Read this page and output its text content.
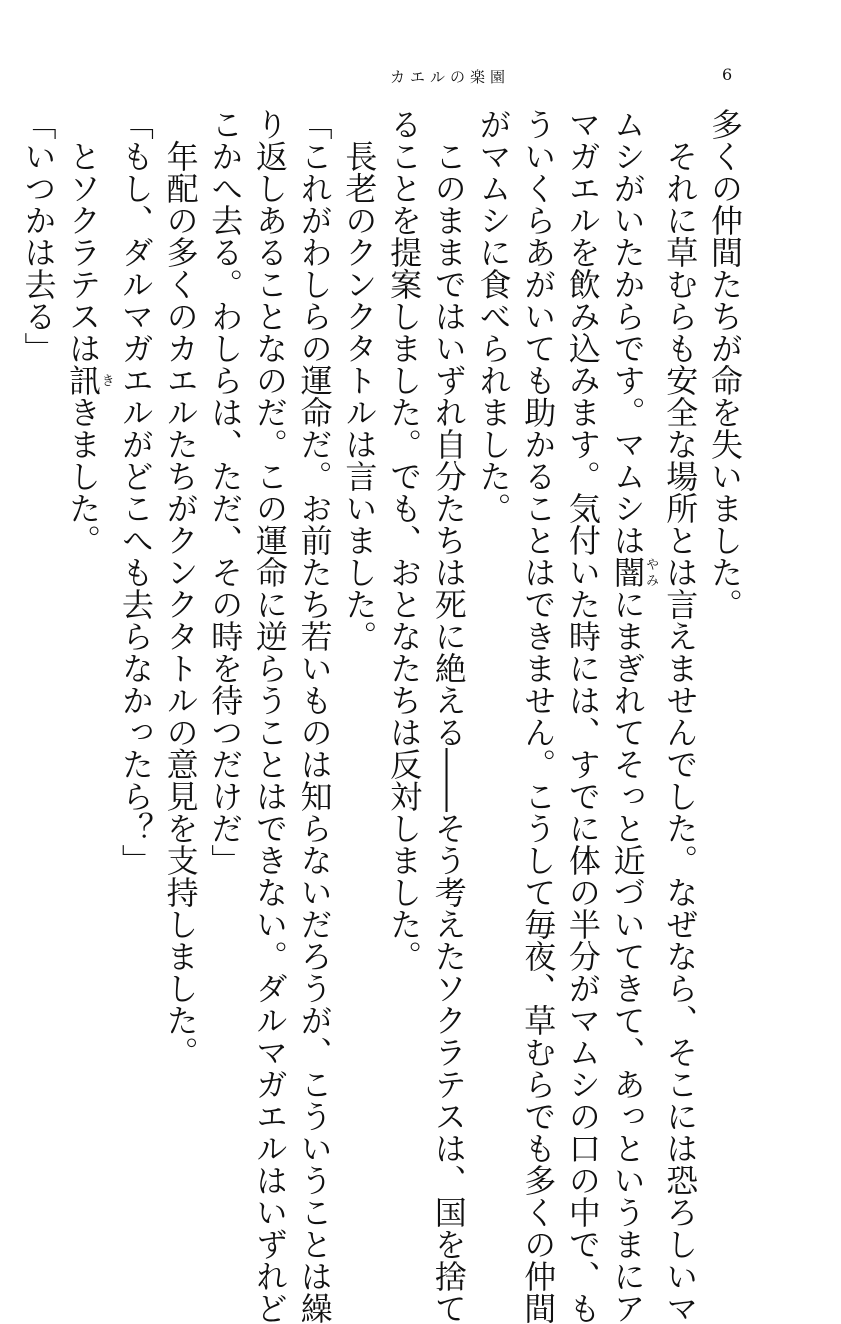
カエルの楽園	6
多くの仲間たちが命を失いました。
　それに草むらも安全な場所とは言えませんでした。なぜなら、そこには恐ろしいマ
ムシがいたからです。マムシは闇やみにまぎれてそっと近づいてきて、あっというまにア
マガエルを飲み込みます。気付いた時には、すでに体の半分がマムシの口の中で、も
ういくらあがいても助かることはできません。こうして毎夜、草むらでも多くの仲間
がマムシに食べられました。
　このままではいずれ自分たちは死に絶える――そう考えたソクラテスは、国を捨て
ることを提案しました。でも、おとなたちは反対しました。
　長老のクンクタトルは言いました。
「これがわしらの運命だ。お前たち若いものは知らないだろうが、こういうことは繰
り返しあることなのだ。この運命に逆らうことはできない。ダルマガエルはいずれど
こかへ去る。わしらは、ただ、その時を待つだけだ」
　年配の多くのカエルたちがクンクタトルの意見を支持しました。
「もし、ダルマガエルがどこへも去らなかったら？」
　とソクラテスは訊ききました。
「いつかは去る」
